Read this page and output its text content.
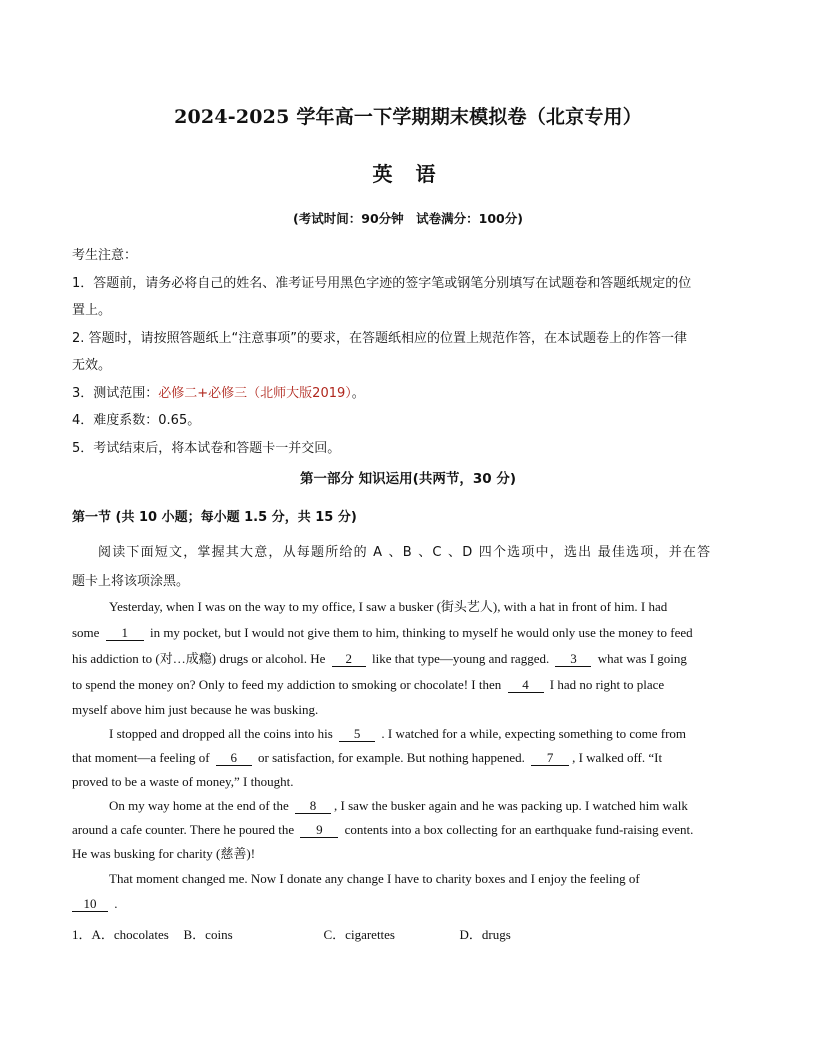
2024-2025 学年高一下学期期末模拟卷（北京专用）
英 语
(考试时间：90分钟　试卷满分：100分)
考生注意：
1．答题前，请务必将自己的姓名、准考证号用黑色字迹的签字笔或钢笔分别填写在试题卷和答题纸规定的位
置上。
2. 答题时，请按照答题纸上“注意事项”的要求，在答题纸相应的位置上规范作答，在本试题卷上的作答一律
无效。
3．测试范围：必修二+必修三（北师大版2019）。
4．难度系数：0.65。
5．考试结束后，将本试卷和答题卡一并交回。
第一部分 知识运用(共两节，30 分)
第一节 (共 10 小题；每小题 1.5 分，共 15 分)
阅读下面短文，掌握其大意，从每题所给的 A 、B 、C 、D 四个选项中，选出 最佳选项，并在答
题卡上将该项涂黑。
Yesterday, when I was on the way to my office, I saw a busker (街头艺人), with a hat in front of him. I had
some 1 in my pocket, but I would not give them to him, thinking to myself he would only use the money to feed
his addiction to (对…成瘾) drugs or alcohol. He 2 like that type—young and ragged. 3 what was I going
to spend the money on? Only to feed my addiction to smoking or chocolate! I then 4 I had no right to place
myself above him just because he was busking.
I stopped and dropped all the coins into his 5 . I watched for a while, expecting something to come from
that moment—a feeling of 6 or satisfaction, for example. But nothing happened. 7 , I walked off. “It
proved to be a waste of money,” I thought.
On my way home at the end of the 8 , I saw the busker again and he was packing up. I watched him walk
around a cafe counter. There he poured the 9 contents into a box collecting for an earthquake fund-raising event.
He was busking for charity (慈善)!
That moment changed me. Now I donate any change I have to charity boxes and I enjoy the feeling of
10 .
1．A．chocolates B．coins	C．cigarettes	D．drugs
